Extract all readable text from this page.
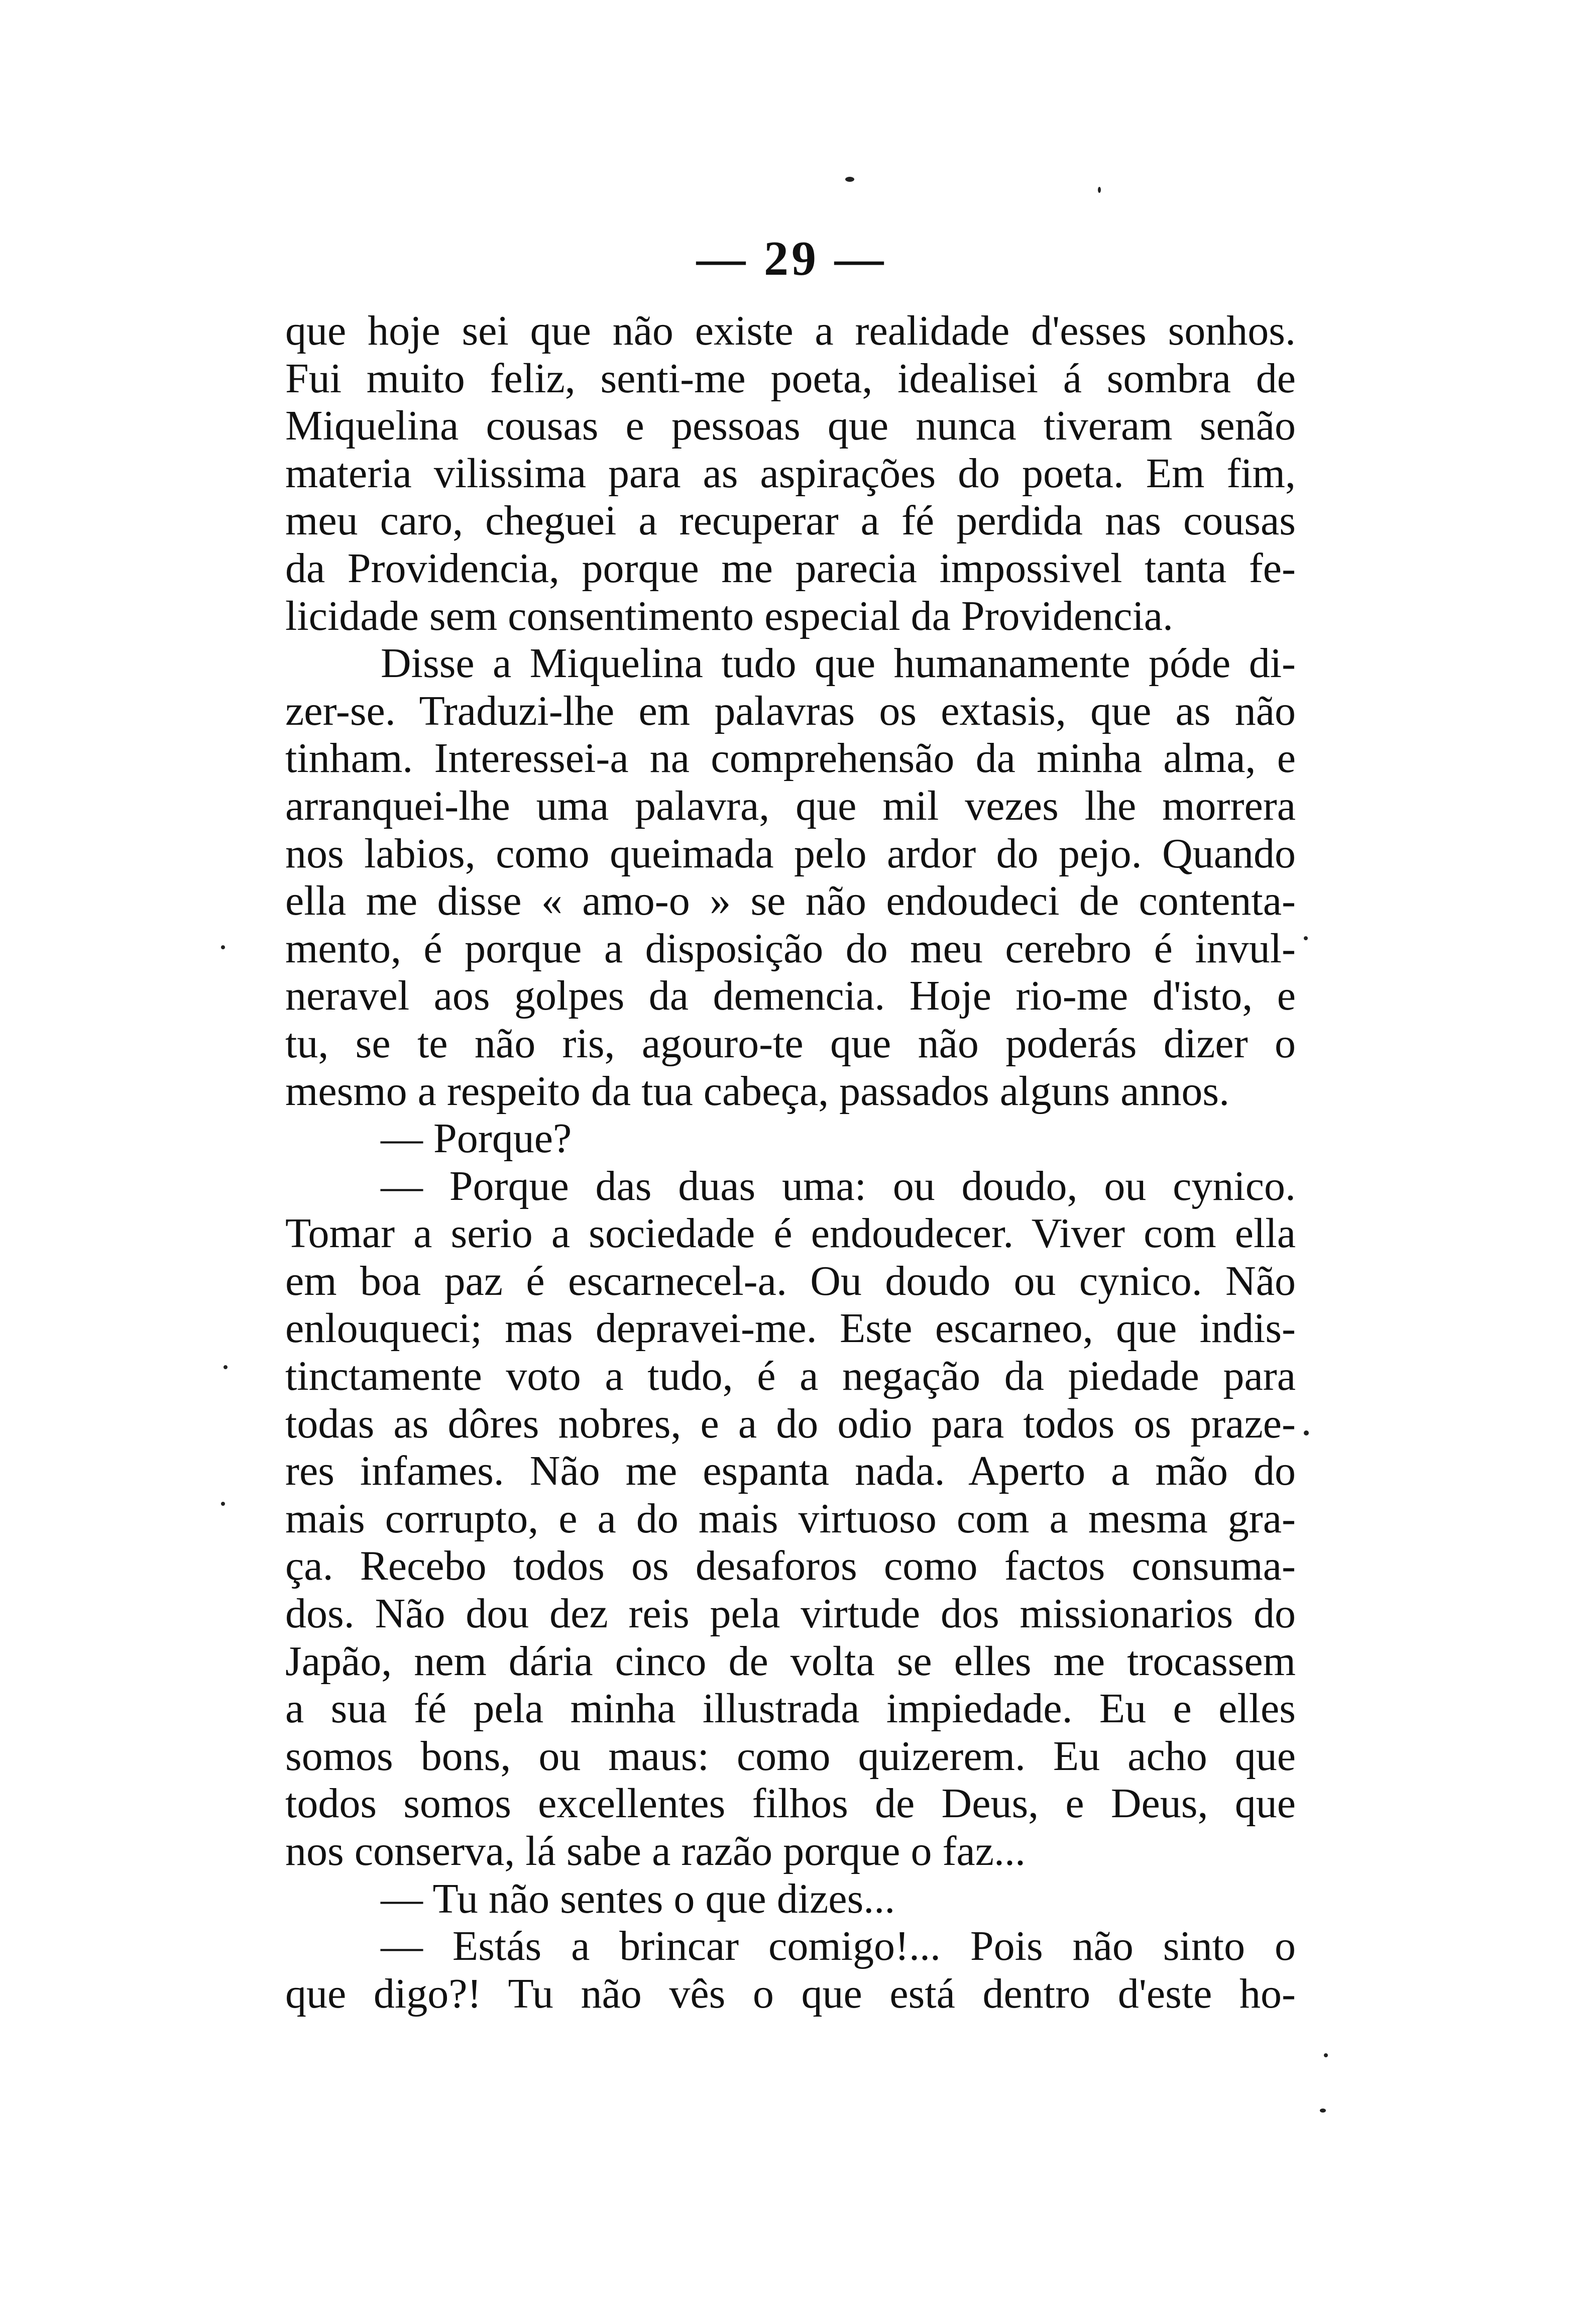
— 29 —
que hoje sei que não existe a realidade d'esses sonhos.
Fui muito feliz, senti-me poeta, idealisei á sombra de
Miquelina cousas e pessoas que nunca tiveram senão
materia vilissima para as aspirações do poeta. Em fim,
meu caro, cheguei a recuperar a fé perdida nas cousas
da Providencia, porque me parecia impossivel tanta fe-
licidade sem consentimento especial da Providencia.
Disse a Miquelina tudo que humanamente póde di-
zer-se. Traduzi-lhe em palavras os extasis, que as não
tinham. Interessei-a na comprehensão da minha alma, e
arranquei-lhe uma palavra, que mil vezes lhe morrera
nos labios, como queimada pelo ardor do pejo. Quando
ella me disse « amo-o » se não endoudeci de contenta-
mento, é porque a disposição do meu cerebro é invul-
neravel aos golpes da demencia. Hoje rio-me d'isto, e
tu, se te não ris, agouro-te que não poderás dizer o
mesmo a respeito da tua cabeça, passados alguns annos.
— Porque?
— Porque das duas uma: ou doudo, ou cynico.
Tomar a serio a sociedade é endoudecer. Viver com ella
em boa paz é escarnecel-a. Ou doudo ou cynico. Não
enlouqueci; mas depravei-me. Este escarneo, que indis-
tinctamente voto a tudo, é a negação da piedade para
todas as dôres nobres, e a do odio para todos os praze-
res infames. Não me espanta nada. Aperto a mão do
mais corrupto, e a do mais virtuoso com a mesma gra-
ça. Recebo todos os desaforos como factos consuma-
dos. Não dou dez reis pela virtude dos missionarios do
Japão, nem dária cinco de volta se elles me trocassem
a sua fé pela minha illustrada impiedade. Eu e elles
somos bons, ou maus: como quizerem. Eu acho que
todos somos excellentes filhos de Deus, e Deus, que
nos conserva, lá sabe a razão porque o faz...
— Tu não sentes o que dizes...
— Estás a brincar comigo!... Pois não sinto o
que digo?! Tu não vês o que está dentro d'este ho-
